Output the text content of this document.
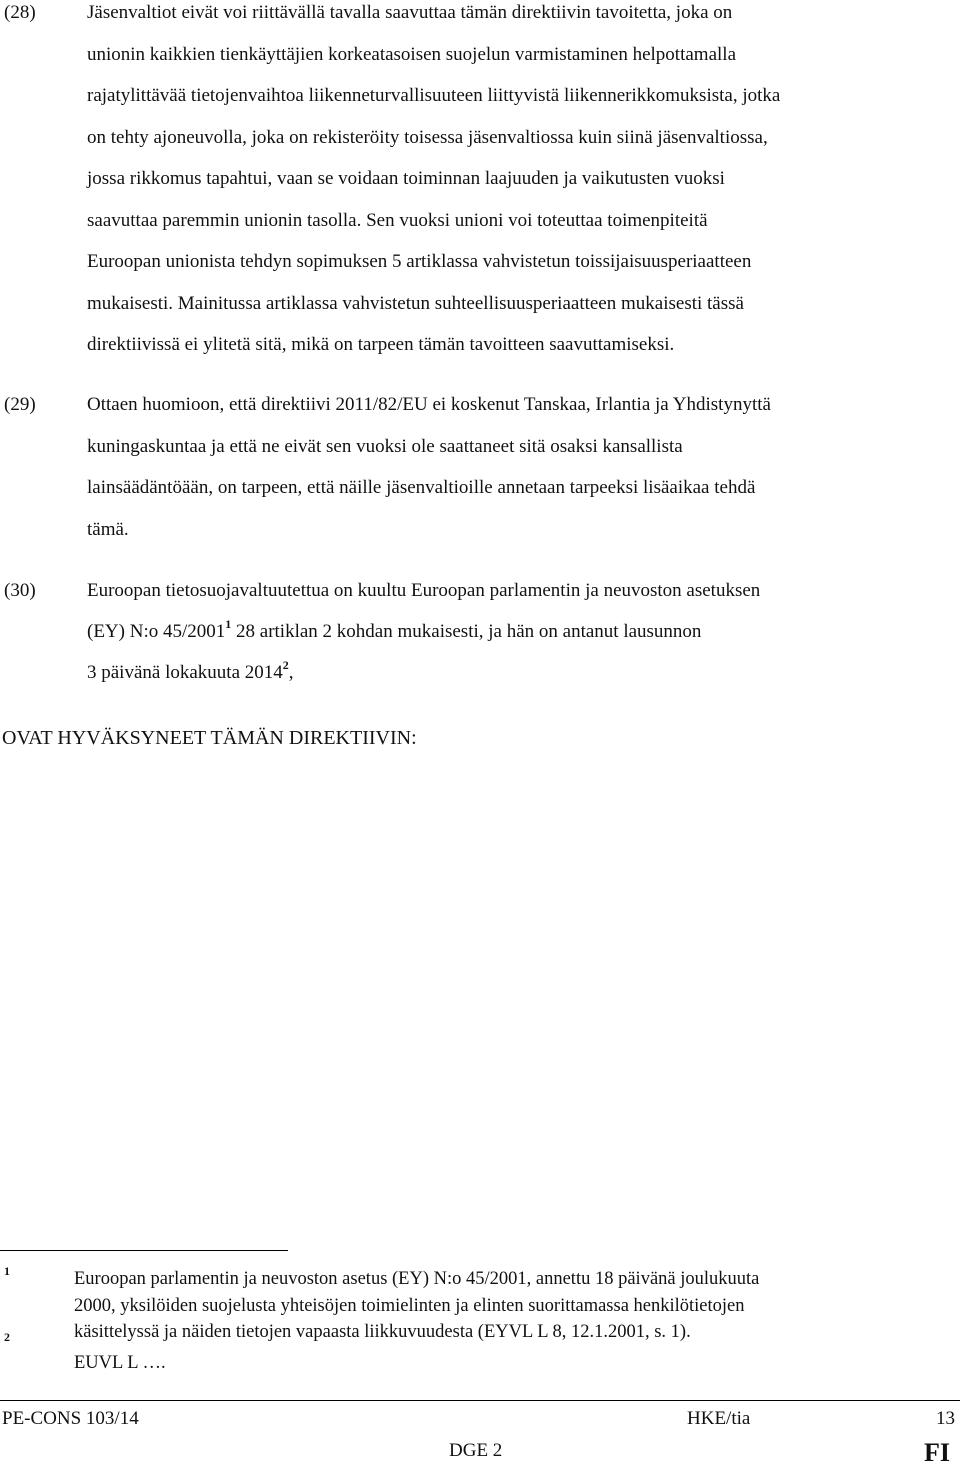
(28)	Jäsenvaltiot eivät voi riittävällä tavalla saavuttaa tämän direktiivin tavoitetta, joka on
unionin kaikkien tienkäyttäjien korkeatasoisen suojelun varmistaminen helpottamalla
rajatylittävää tietojenvaihtoa liikenneturvallisuuteen liittyvistä liikennerikkomuksista, jotka
on tehty ajoneuvolla, joka on rekisteröity toisessa jäsenvaltiossa kuin siinä jäsenvaltiossa,
jossa rikkomus tapahtui, vaan se voidaan toiminnan laajuuden ja vaikutusten vuoksi
saavuttaa paremmin unionin tasolla. Sen vuoksi unioni voi toteuttaa toimenpiteitä
Euroopan unionista tehdyn sopimuksen 5 artiklassa vahvistetun toissijaisuusperiaatteen
mukaisesti. Mainitussa artiklassa vahvistetun suhteellisuusperiaatteen mukaisesti tässä
direktiivissä ei ylitetä sitä, mikä on tarpeen tämän tavoitteen saavuttamiseksi.
(29)	Ottaen huomioon, että direktiivi 2011/82/EU ei koskenut Tanskaa, Irlantia ja Yhdistynyttä
kuningaskuntaa ja että ne eivät sen vuoksi ole saattaneet sitä osaksi kansallista
lainsäädäntöään, on tarpeen, että näille jäsenvaltioille annetaan tarpeeksi lisäaikaa tehdä
tämä.
(30)	Euroopan tietosuojavaltuutettua on kuultu Euroopan parlamentin ja neuvoston asetuksen
(EY) N:o 45/2001$^1$ 28 artiklan 2 kohdan mukaisesti, ja hän on antanut lausunnon
3 päivänä lokakuuta 2014$^2$,
OVAT HYVÄKSYNEET TÄMÄN DIREKTIIVIN:
1	Euroopan parlamentin ja neuvoston asetus (EY) N:o 45/2001, annettu 18 päivänä joulukuuta
2000, yksilöiden suojelusta yhteisöjen toimielinten ja elinten suorittamassa henkilötietojen
käsittelyssä ja näiden tietojen vapaasta liikkuvuudesta (EYVL L 8, 12.1.2001, s. 1).
2
EUVL L ….
PE-CONS 103/14	HKE/tia	13
DGE 2	FI
